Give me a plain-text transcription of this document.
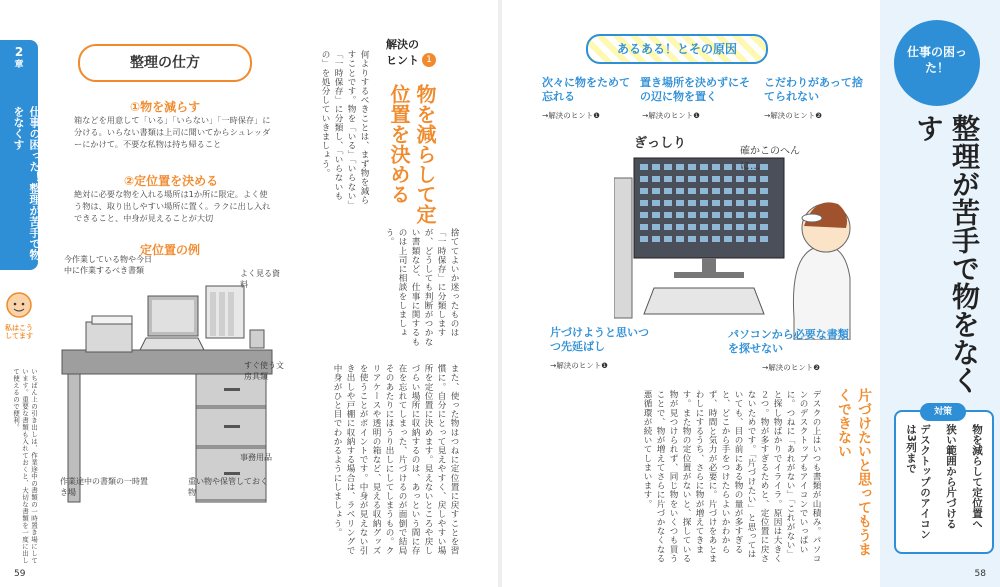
2
章
仕事の困った！整理が苦手で物をなくす
私はこうしてます
いちばん上の引き出しは、作業途中の書類の一時置き場にしています。重要な書類も入れておくと、大切な書類を一度に出して使えるので便利。
整理の仕方
①物を減らす
箱などを用意して「いる」「いらない」「一時保存」に分ける。いらない書類は上司に聞いてからシュレッダーにかけて。不要な私物は持ち帰ること
②定位置を決める
絶対に必要な物を入れる場所は1か所に限定。よく使う物は、取り出しやすい場所に置く。ラクに出し入れできること、中身が見えることが大切
定位置の例
今作業している物や今日中に作業するべき書類	よく見る資料
すぐ使う文房具類
事務用品
作業途中の書類の一時置き場
重い物や保管しておく物
解決の
ヒント 1
物を減らして定位置を決める
何よりするべきことは、まず物を減らすことです。物を「いる」「いらない」「一時保存」に分類し、「いらないもの」を処分していきましょう。
捨ててよいか迷ったものは「一時保存」に分類しますが、どうしても判断がつかない書類など、仕事に関するものは上司に相談をしましょう。
また、使った物はつねに定位置に戻すことを習慣に。自分にとって見えやすく、戻しやすい場所を定位置に決めます。見えないところや戻しづらい場所に収納するのは、あっという間に存在を忘れてしまった、片づけるのが面倒で結局そのあたりにほうり出しにしてしまうもの。クリアケースや透明の箱など、見える収納グッズを使うことがポイントです。中身が見えない引き出しや戸棚に収納する場合は、ラベリングで中身がひと目でわかるようにしましょう。
59
あるある！とその原因
次々に物をためて忘れる
→解決のヒント❶
置き場所を決めずにその辺に物を置く
→解決のヒント❶
こだわりがあって捨てられない
→解決のヒント❷
ぎっしり
確かこのへんに…
片づけようと思いつつ先延ばし
→解決のヒント❶
パソコンから必要な書類を探せない
→解決のヒント❷
片づけたいと思ってもうまくできない
デスクの上はいつも書類が山積み。パソコンのデスクトップもアイコンでいっぱいに。つねに「あれがない」「これがない」と探し物ばかりでイライラ。原因は大きく２つ。物が多すぎるためと、定位置に戻さないためです。「片づけたい」と思ってはいても、目の前にある物の量が多すぎると、どこから手をつけたらよいかわからず、時間と気力が必要に。片づけをあとまわしにするうち、さらに物が増えてきます。また物の定位置がないと、探している物が見つけられず、同じ物をいくつも買うことで、物が増えてさらに片づかなくなる悪循環が続いてしまいます。
仕事の困った！
整理が苦手で物をなくす
対策
物を減らして定位置へ
狭い範囲から片づける
デスクトップのアイコンは3列まで
58
